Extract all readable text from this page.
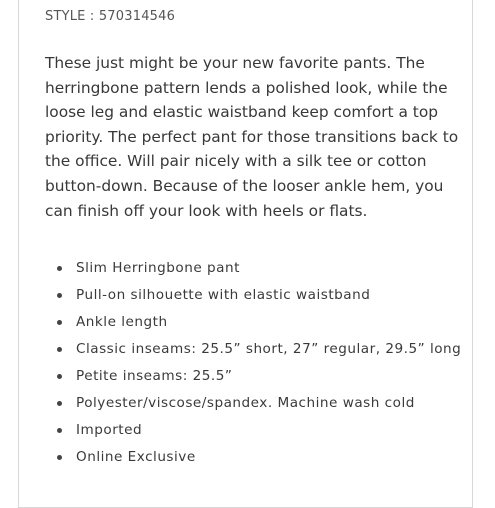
STYLE : 570314546

These just might be your new favorite pants. The herringbone pattern lends a polished look, while the loose leg and elastic waistband keep comfort a top priority. The perfect pant for those transitions back to the office. Will pair nicely with a silk tee or cotton button-down. Because of the looser ankle hem, you can finish off your look with heels or flats.

Slim Herringbone pant
Pull-on silhouette with elastic waistband
Ankle length
Classic inseams: 25.5” short, 27” regular, 29.5” long
Petite inseams: 25.5”
Polyester/viscose/spandex. Machine wash cold
Imported
Online Exclusive
